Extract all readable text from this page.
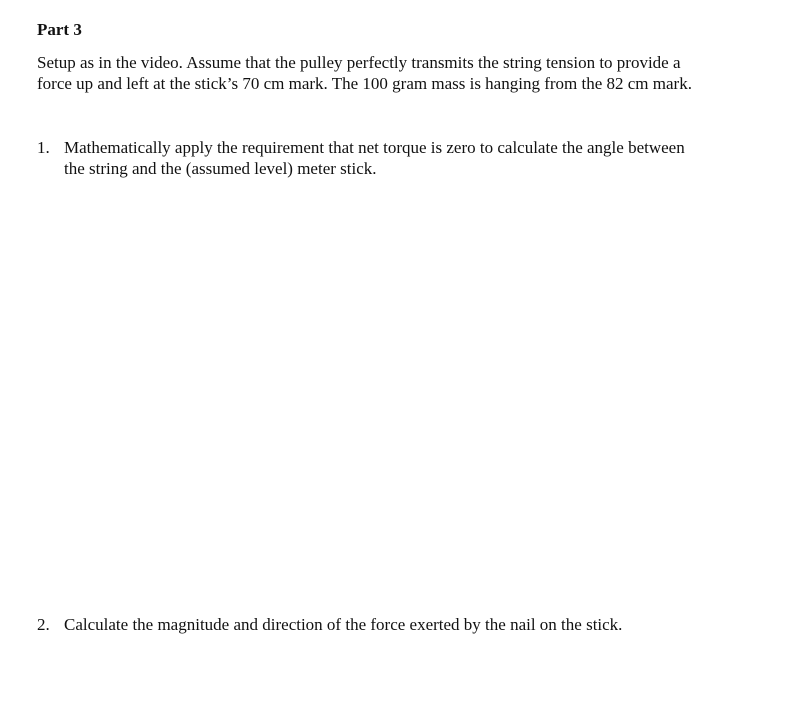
Part 3

Setup as in the video. Assume that the pulley perfectly transmits the string tension to provide a
force up and left at the stick’s 70 cm mark. The 100 gram mass is hanging from the 82 cm mark.

1. Mathematically apply the requirement that net torque is zero to calculate the angle between
the string and the (assumed level) meter stick.
2. Calculate the magnitude and direction of the force exerted by the nail on the stick.
